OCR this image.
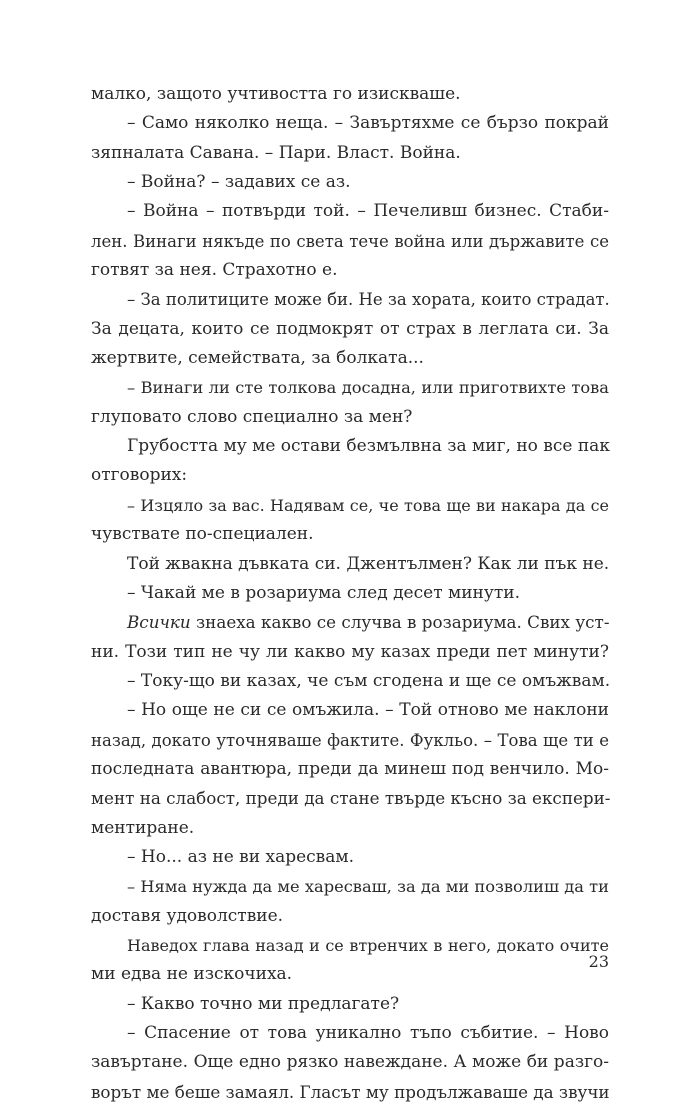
малко, защото учтивостта го изискваше.
– Само няколко неща. – Завъртяхме се бързо покрай
зяпналата Савана. – Пари. Власт. Война.
– Война? – задавих се аз.
– Война – потвърди той. – Печеливш бизнес. Стаби-
лен. Винаги някъде по света тече война или държавите се
готвят за нея. Страхотно е.
– За политиците може би. Не за хората, които страдат.
За децата, които се подмокрят от страх в леглата си. За
жертвите, семействата, за болката...
– Винаги ли сте толкова досадна, или приготвихте това
глуповато слово специално за мен?
Грубостта му ме остави безмълвна за миг, но все пак
отговорих:
– Изцяло за вас. Надявам се, че това ще ви накара да се
чувствате по-специален.
Той жвакна дъвката си. Джентълмен? Как ли пък не.
– Чакай ме в розариума след десет минути.
Всички знаеха какво се случва в розариума. Свих уст-
ни. Този тип не чу ли какво му казах преди пет минути?
– Току-що ви казах, че съм сгодена и ще се омъжвам.
– Но още не си се омъжила. – Той отново ме наклони
назад, докато уточняваше фактите. Фукльо. – Това ще ти е
последната авантюра, преди да минеш под венчило. Мо-
мент на слабост, преди да стане твърде късно за експери-
ментиране.
– Но... аз не ви харесвам.
– Няма нужда да ме харесваш, за да ми позволиш да ти
доставя удоволствие.
Наведох глава назад и се втренчих в него, докато очите
ми едва не изскочиха.
– Какво точно ми предлагате?
– Спасение от това уникално тъпо събитие. – Ново
завъртане. Още едно рязко навеждане. А може би разго-
ворът ме беше замаял. Гласът му продължаваше да звучи
23
